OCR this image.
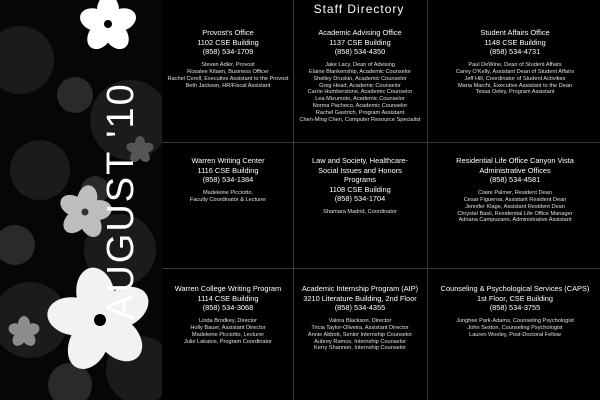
AUGUST '10
Staff Directory
Provost's Office
1102 CSE Building
(858) 534-1709
Steven Adler, Provost
Rosalee Kitaen, Business Officer
Rachel Corell, Executive Assistant to the Provost
Beth Jackson, HR/Fiscal Assistant
Academic Advising Office
1137 CSE Building
(858) 534-4350
Jake Lacy, Dean of Advising
Elaine Blankenship, Academic Counselor
Shelley Druskin, Academic Counselor
Greg Head, Academic Counselor
Carrie Humberstone, Academic Counselor
Lea Mizumoto, Academic Counselor
Norma Pacheco, Academic Counselor
Rachel Gastrich, Program Assistant
Chen-Ming Chen, Computer Resource Specialist
Student Affairs Office
1148 CSE Building
(858) 534-4731
Paul DeWine, Dean of Student Affairs
Carey O'Kelly, Assistant Dean of Student Affairs
Jeff Hill, Coordinator of Student Activities
Maria Marchi, Executive Assistant to the Dean
Tessa Ooley, Program Assistant
Warren Writing Center
1116 CSE Building
(858) 534-1384
Madeleine Picciotto,
Faculty Coordinator & Lecturer
Law and Society, Healthcare-Social Issues and Honors Programs
1108 CSE Building
(858) 534-1704
Shamara Madrid, Coordinator
Residential Life Office Canyon Vista Administrative Offices
(858) 534-4581
Claire Palmer, Resident Dean
Cesar Figueroa, Assistant Resident Dean
Jennifer Klage, Assistant Resident Dean
Chrystal Basil, Residential Life Office Manager
Adriana Campuzano, Administrative Assistant
Warren College Writing Program
1114 CSE Building
(858) 534-3068
Linda Brodkey, Director
Holly Bauer, Assistant Director
Madeleine Picciotto, Lecturer
Julie Lakatos, Program Coordinator
Academic Internship Program (AIP)
3210 Literature Building, 2nd Floor
(858) 534-4355
Valora Blackson, Director
Tricia Taylor-Oliveira, Assistant Director
Annie Abbott, Senior Internship Counselor
Aubrey Ramos, Internship Counselor
Kerry Shannon, Internship Counselor
Counseling & Psychological Services (CAPS)
1st Floor, CSE Building
(858) 534-3755
Junghee Park-Adams, Counseling Psychologist
John Sexton, Counseling Psychologist
Lauren Wooley, Post-Doctoral Fellow
